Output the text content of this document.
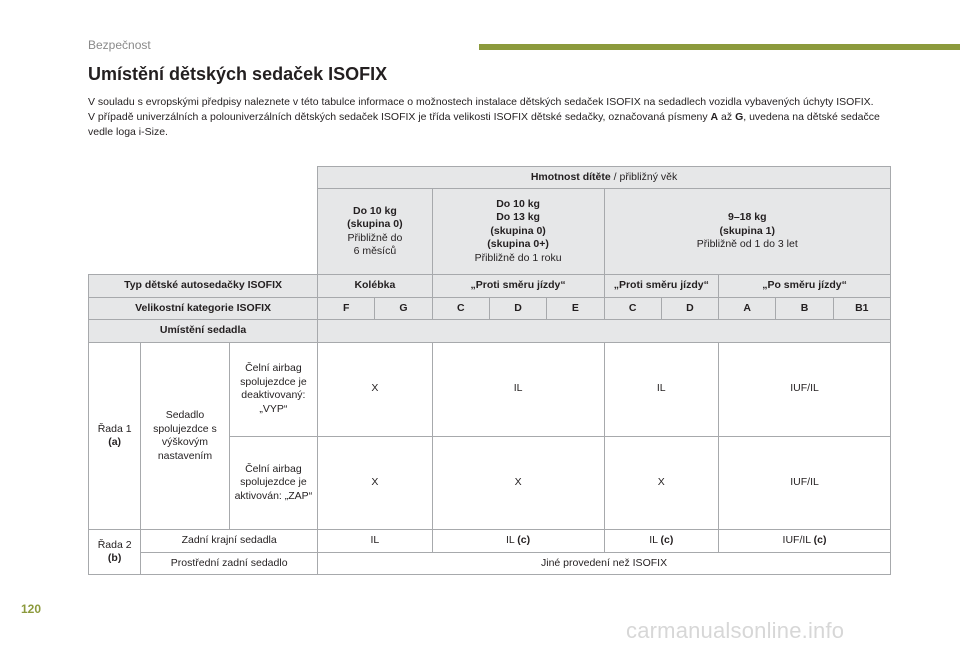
Bezpečnost
Umístění dětských sedaček ISOFIX
V souladu s evropskými předpisy naleznete v této tabulce informace o možnostech instalace dětských sedaček ISOFIX na sedadlech vozidla vybavených úchyty ISOFIX.
V případě univerzálních a polouniverzálních dětských sedaček ISOFIX je třída velikosti ISOFIX dětské sedačky, označovaná písmeny A až G, uvedena na dětské sedačce vedle loga i-Size.
			Hmotnost dítěte / přibližný věk									
			Do 10 kg
(skupina 0)
Přibližně do
6 měsíců		Do 10 kg
Do 13 kg
(skupina 0)
(skupina 0+)
Přibližně do 1 roku			9–18 kg
(skupina 1)
Přibližně od 1 do 3 let				
Typ dětské autosedačky ISOFIX			Kolébka		„Proti směru jízdy“			„Proti směru jízdy“		„Po směru jízdy“		
Velikostní kategorie ISOFIX			F	G	C	D	E	C	D	A	B	B1
Umístění sedadla												
Řada 1
(a)	Sedadlo spolujezdce s výškovým nastavením	Čelní airbag spolujezdce je deaktivovaný: „VYP“	X		IL			IL		IUF/IL		
		Čelní airbag spolujezdce je aktivován: „ZAP“	X		X			X		IUF/IL		
Řada 2
(b)	Zadní krajní sedadla		IL		IL (c)			IL (c)		IUF/IL (c)		
	Prostřední zadní sedadlo		Jiné provedení než ISOFIX									
120
carmanualsonline.info
